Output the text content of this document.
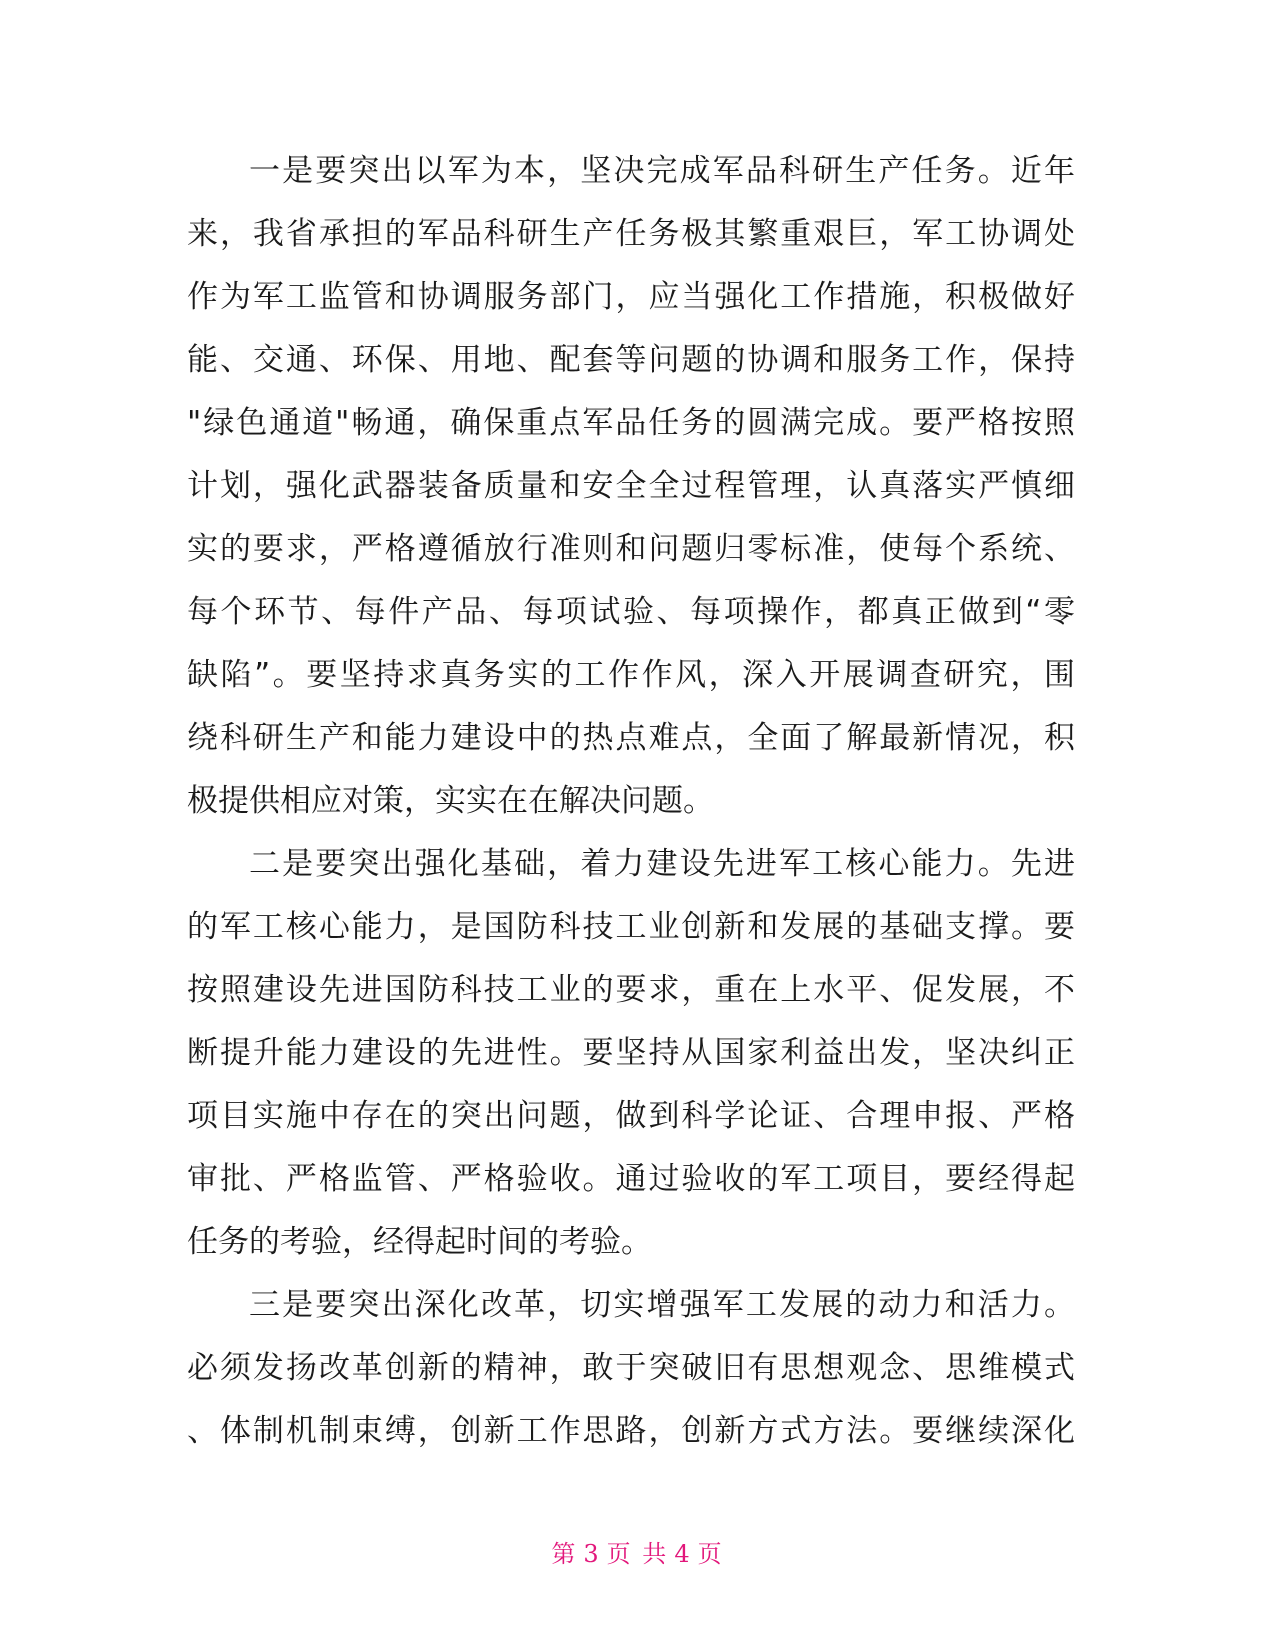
一是要突出以军为本，坚决完成军品科研生产任务。近年
来，我省承担的军品科研生产任务极其繁重艰巨，军工协调处
作为军工监管和协调服务部门，应当强化工作措施，积极做好
能、交通、环保、用地、配套等问题的协调和服务工作，保持
"绿色通道"畅通，确保重点军品任务的圆满完成。要严格按照
计划，强化武器装备质量和安全全过程管理，认真落实严慎细
实的要求，严格遵循放行准则和问题归零标准，使每个系统、
每个环节、每件产品、每项试验、每项操作，都真正做到“零
缺陷”。要坚持求真务实的工作作风，深入开展调查研究，围
绕科研生产和能力建设中的热点难点，全面了解最新情况，积
极提供相应对策，实实在在解决问题。
二是要突出强化基础，着力建设先进军工核心能力。先进
的军工核心能力，是国防科技工业创新和发展的基础支撑。要
按照建设先进国防科技工业的要求，重在上水平、促发展，不
断提升能力建设的先进性。要坚持从国家利益出发，坚决纠正
项目实施中存在的突出问题，做到科学论证、合理申报、严格
审批、严格监管、严格验收。通过验收的军工项目，要经得起
任务的考验，经得起时间的考验。
三是要突出深化改革，切实增强军工发展的动力和活力。
必须发扬改革创新的精神，敢于突破旧有思想观念、思维模式
、体制机制束缚，创新工作思路，创新方式方法。要继续深化
第 3 页 共 4 页
